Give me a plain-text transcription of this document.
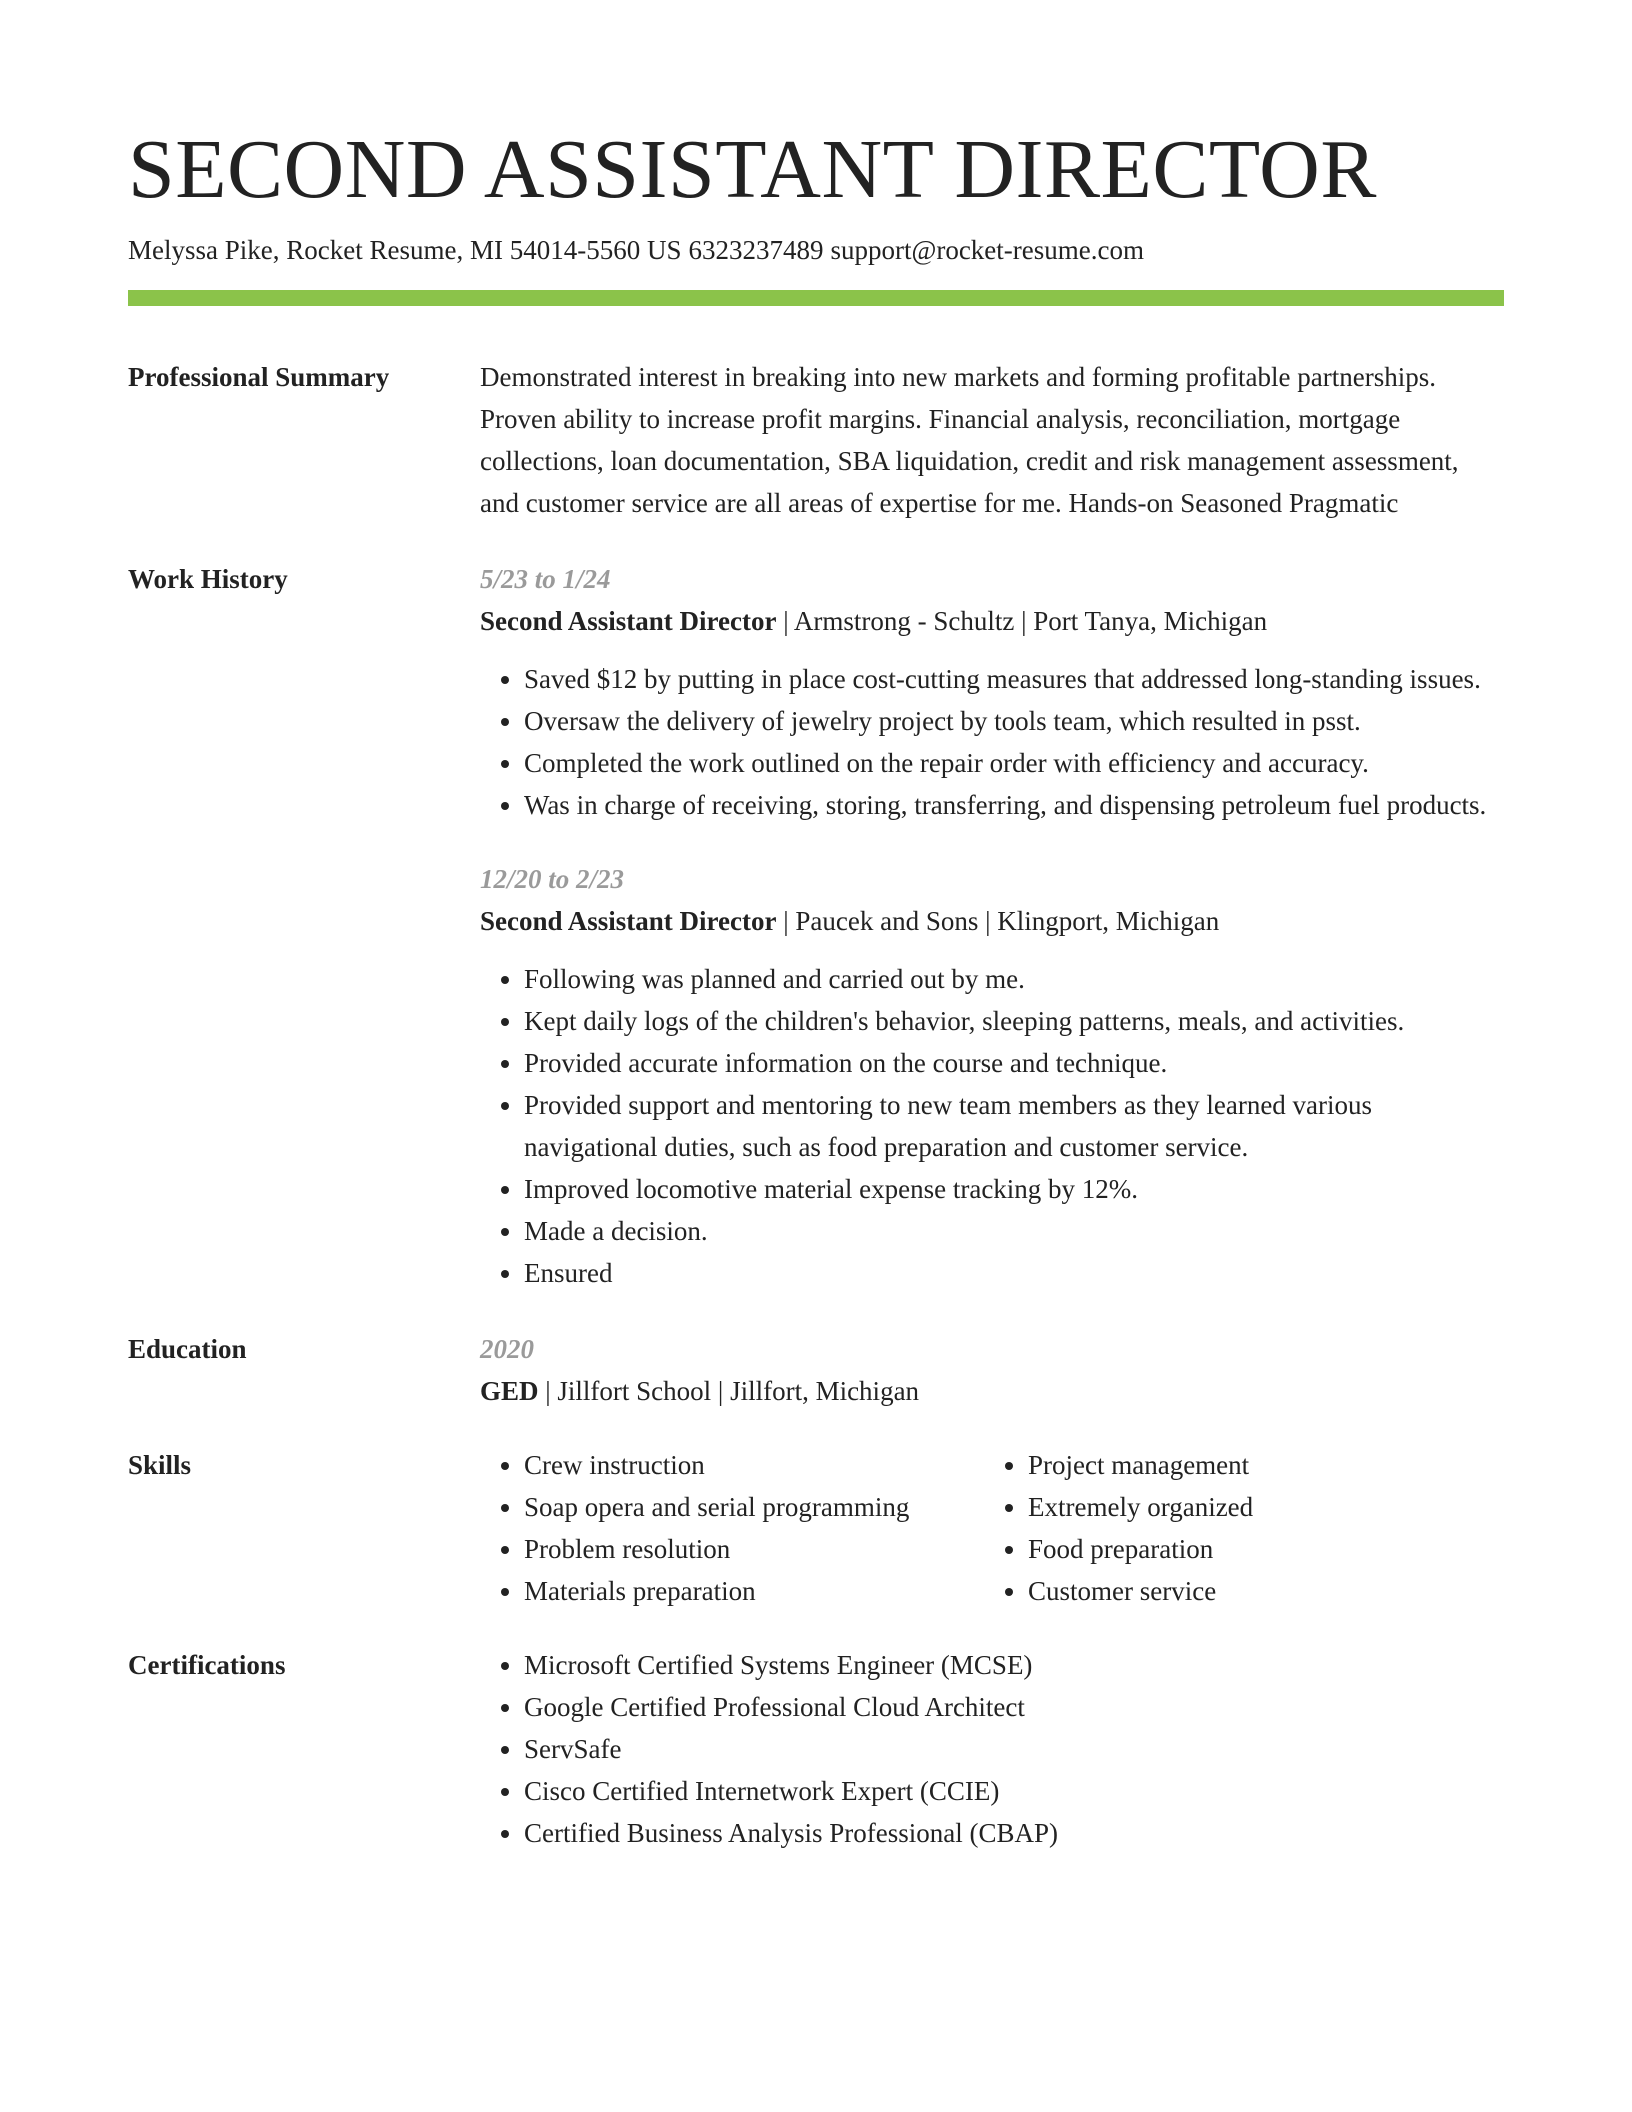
SECOND ASSISTANT DIRECTOR
Melyssa Pike, Rocket Resume, MI 54014-5560 US 6323237489 support@rocket-resume.com
Professional Summary	Demonstrated interest in breaking into new markets and forming profitable partnerships. Proven ability to increase profit margins. Financial analysis, reconciliation, mortgage collections, loan documentation, SBA liquidation, credit and risk management assessment, and customer service are all areas of expertise for me. Hands-on Seasoned Pragmatic
Work History	5/23 to 1/24
Second Assistant Director | Armstrong - Schultz | Port Tanya, Michigan
• Saved $12 by putting in place cost-cutting measures that addressed long-standing issues.
• Oversaw the delivery of jewelry project by tools team, which resulted in psst.
• Completed the work outlined on the repair order with efficiency and accuracy.
• Was in charge of receiving, storing, transferring, and dispensing petroleum fuel products.
12/20 to 2/23
Second Assistant Director | Paucek and Sons | Klingport, Michigan
• Following was planned and carried out by me.
• Kept daily logs of the children's behavior, sleeping patterns, meals, and activities.
• Provided accurate information on the course and technique.
• Provided support and mentoring to new team members as they learned various navigational duties, such as food preparation and customer service.
• Improved locomotive material expense tracking by 12%.
• Made a decision.
• Ensured
Education	2020
GED | Jillfort School | Jillfort, Michigan
Skills	• Crew instruction
• Soap opera and serial programming
• Problem resolution
• Materials preparation
• Project management
• Extremely organized
• Food preparation
• Customer service
Certifications	• Microsoft Certified Systems Engineer (MCSE)
• Google Certified Professional Cloud Architect
• ServSafe
• Cisco Certified Internetwork Expert (CCIE)
• Certified Business Analysis Professional (CBAP)
